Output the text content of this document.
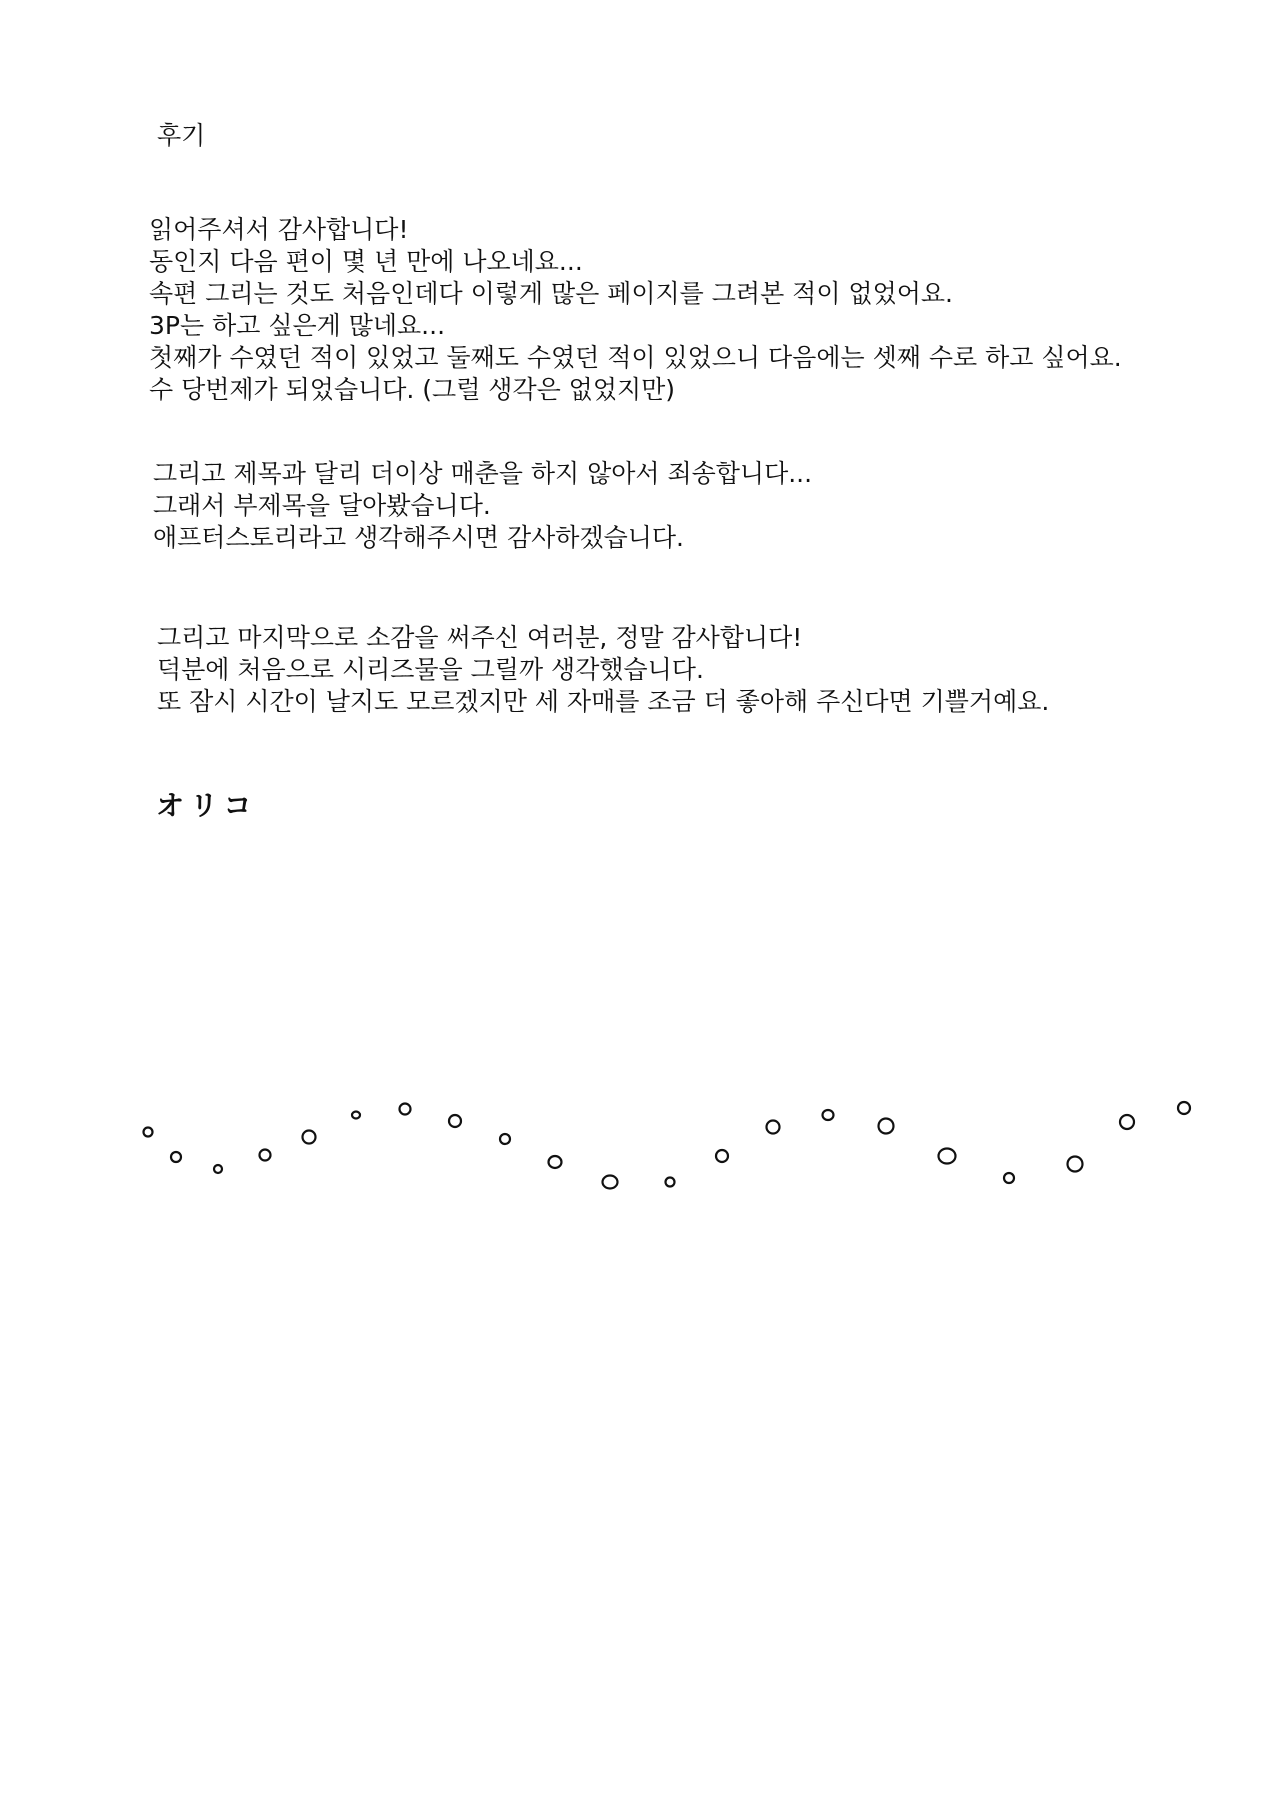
후기
읽어주셔서 감사합니다!
동인지 다음 편이 몇 년 만에 나오네요...
속편 그리는 것도 처음인데다 이렇게 많은 페이지를 그려본 적이 없었어요.
3P는 하고 싶은게 많네요...
첫째가 수였던 적이 있었고 둘째도 수였던 적이 있었으니 다음에는 셋째 수로 하고 싶어요.
수 당번제가 되었습니다. (그럴 생각은 없었지만)
그리고 제목과 달리 더이상 매춘을 하지 않아서 죄송합니다...
그래서 부제목을 달아봤습니다.
애프터스토리라고 생각해주시면 감사하겠습니다.
그리고 마지막으로 소감을 써주신 여러분, 정말 감사합니다!
덕분에 처음으로 시리즈물을 그릴까 생각했습니다.
또 잠시 시간이 날지도 모르겠지만 세 자매를 조금 더 좋아해 주신다면 기쁠거예요.
オリコ
